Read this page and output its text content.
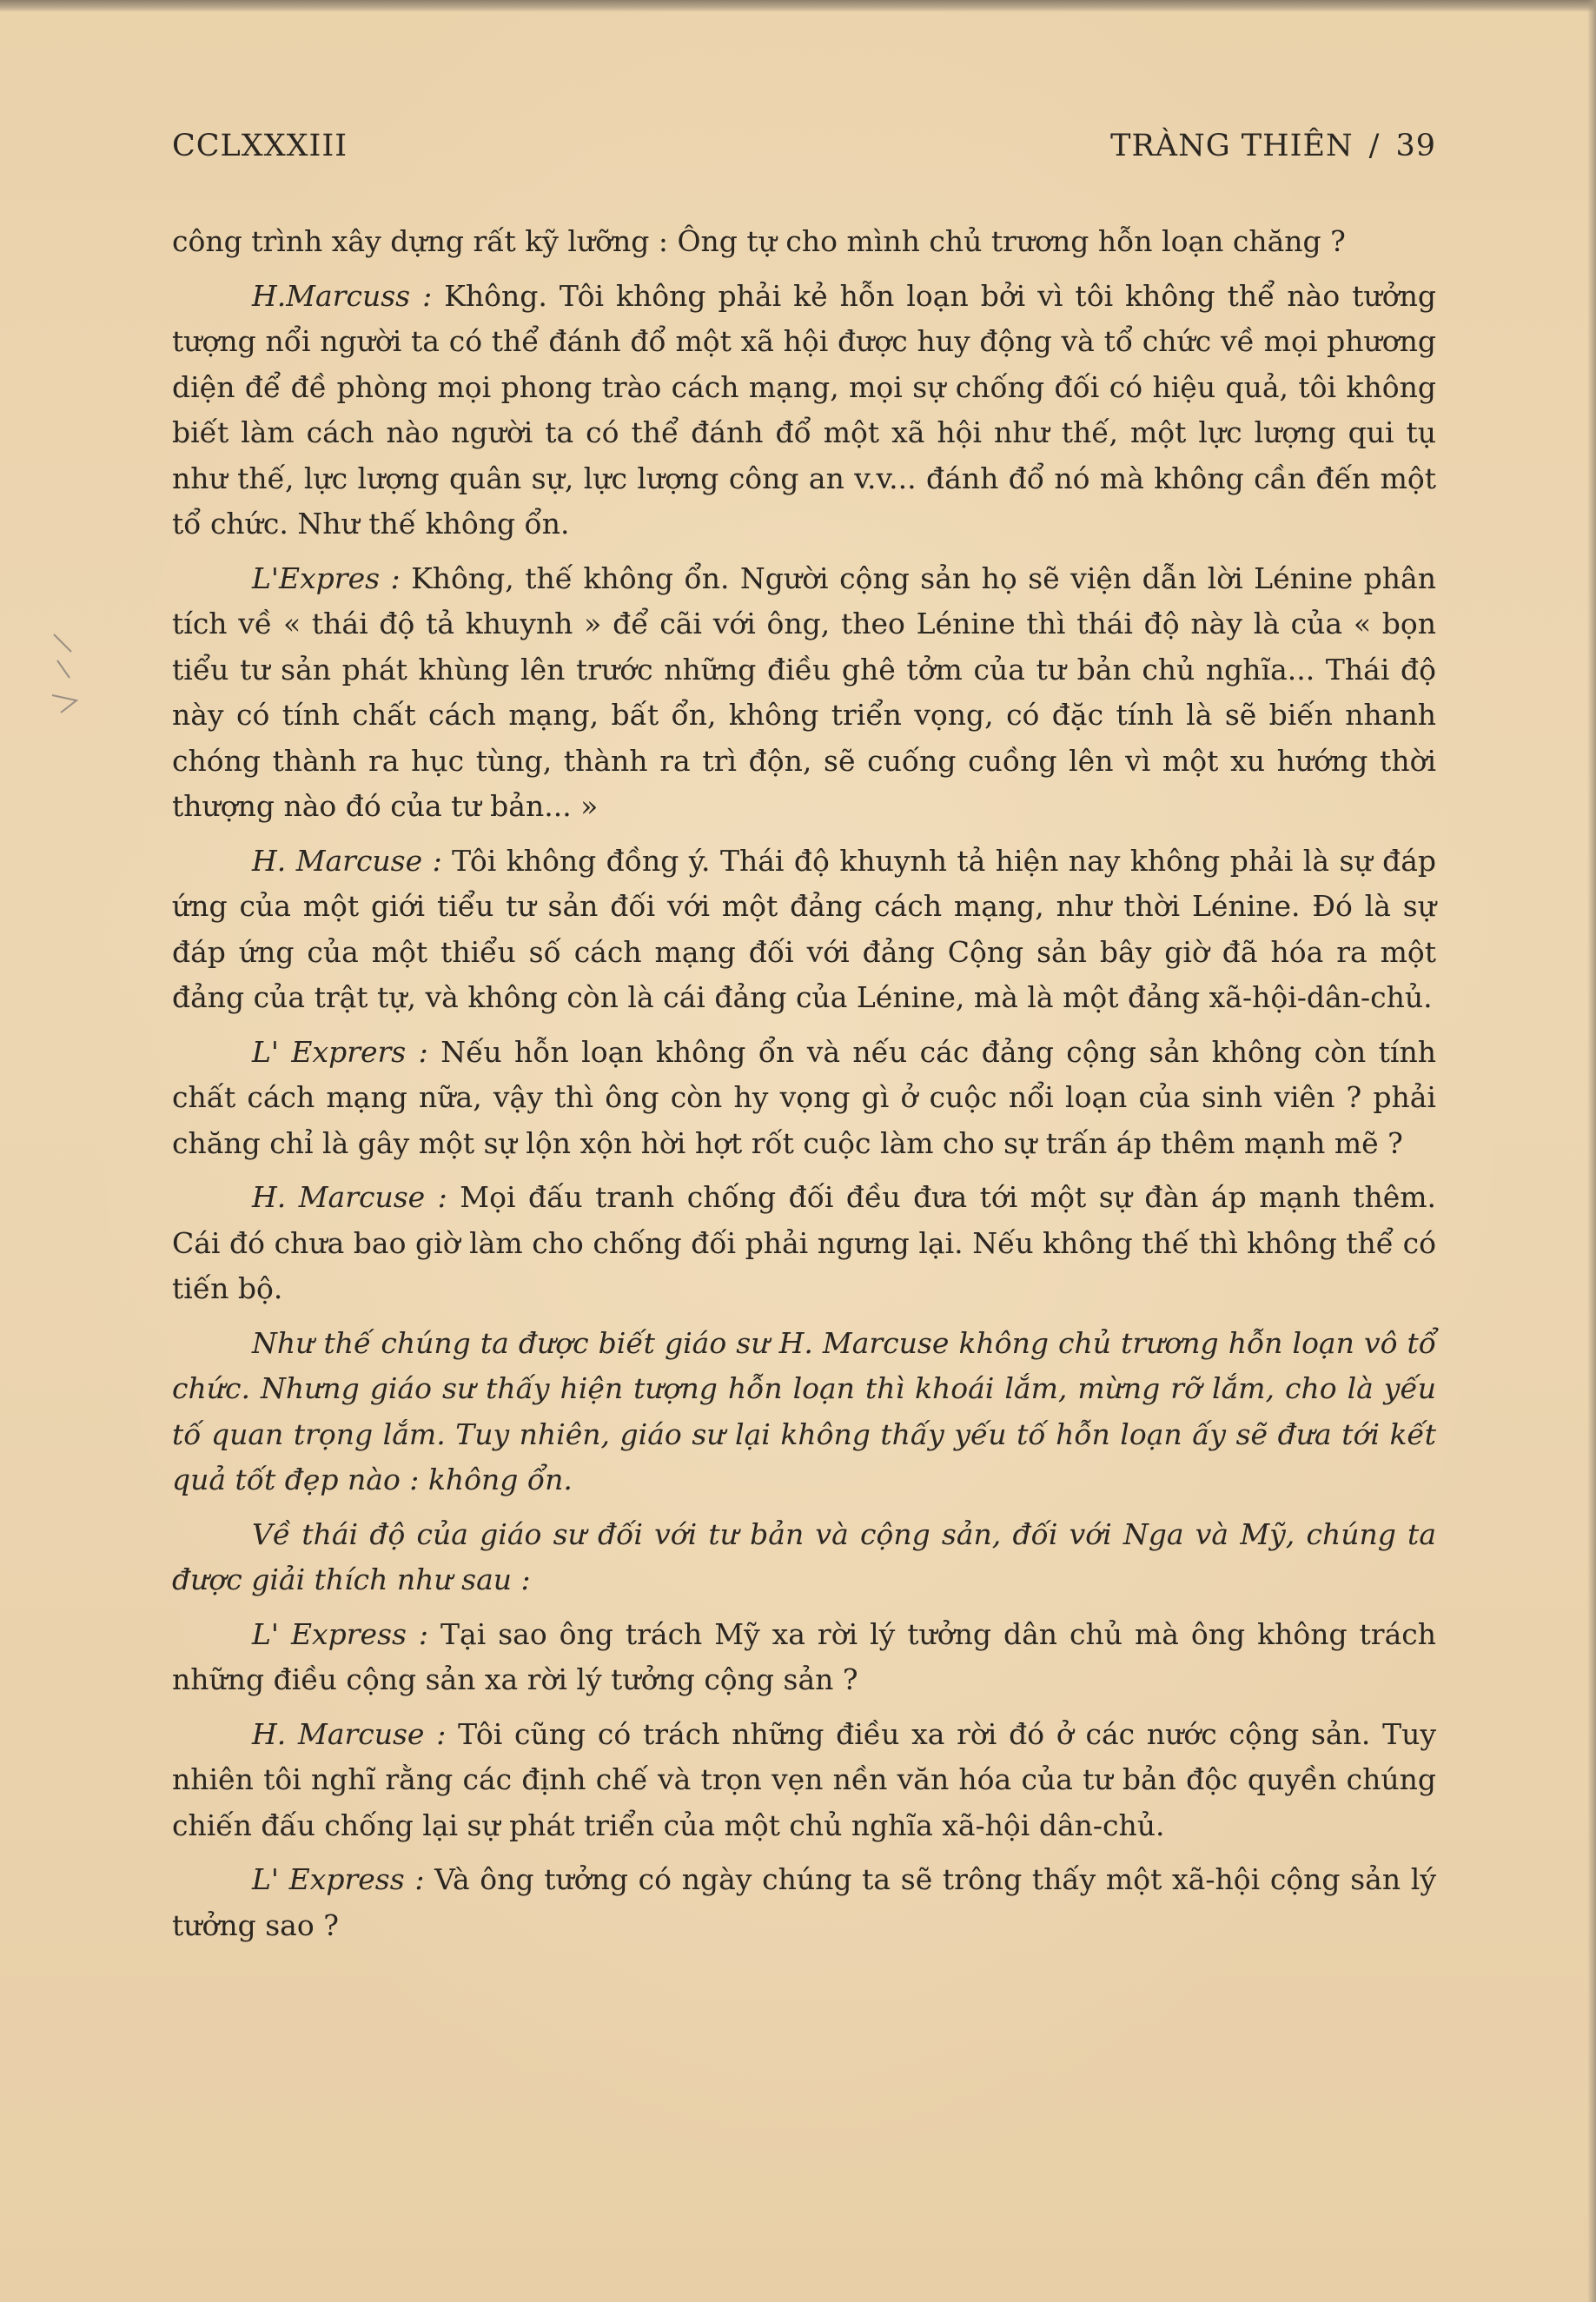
CCLXXXIII	TRÀNG THIÊN / 39

công trình xây dựng rất kỹ lưỡng : Ông tự cho mình chủ trương hỗn loạn chăng ?

H.Marcuss : Không. Tôi không phải kẻ hỗn loạn bởi vì tôi không thể nào tưởng tượng nổi người ta có thể đánh đổ một xã hội được huy động và tổ chức về mọi phương diện để đề phòng mọi phong trào cách mạng, mọi sự chống đối có hiệu quả, tôi không biết làm cách nào người ta có thể đánh đổ một xã hội như thế, một lực lượng qui tụ như thế, lực lượng quân sự, lực lượng công an v.v... đánh đổ nó mà không cần đến một tổ chức. Như thế không ổn.

L'Expres : Không, thế không ổn. Người cộng sản họ sẽ viện dẫn lời Lénine phân tích về « thái độ tả khuynh » để cãi với ông, theo Lénine thì thái độ này là của « bọn tiểu tư sản phát khùng lên trước những điều ghê tởm của tư bản chủ nghĩa... Thái độ này có tính chất cách mạng, bất ổn, không triển vọng, có đặc tính là sẽ biến nhanh chóng thành ra hục tùng, thành ra trì độn, sẽ cuống cuồng lên vì một xu hướng thời thượng nào đó của tư bản... »

H. Marcuse : Tôi không đồng ý. Thái độ khuynh tả hiện nay không phải là sự đáp ứng của một giới tiểu tư sản đối với một đảng cách mạng, như thời Lénine. Đó là sự đáp ứng của một thiểu số cách mạng đối với đảng Cộng sản bây giờ đã hóa ra một đảng của trật tự, và không còn là cái đảng của Lénine, mà là một đảng xã-hội-dân-chủ.

L' Exprers : Nếu hỗn loạn không ổn và nếu các đảng cộng sản không còn tính chất cách mạng nữa, vậy thì ông còn hy vọng gì ở cuộc nổi loạn của sinh viên ? phải chăng chỉ là gây một sự lộn xộn hời hợt rốt cuộc làm cho sự trấn áp thêm mạnh mẽ ?

H. Marcuse : Mọi đấu tranh chống đối đều đưa tới một sự đàn áp mạnh thêm. Cái đó chưa bao giờ làm cho chống đối phải ngưng lại. Nếu không thế thì không thể có tiến bộ.

Như thế chúng ta được biết giáo sư H. Marcuse không chủ trương hỗn loạn vô tổ chức. Nhưng giáo sư thấy hiện tượng hỗn loạn thì khoái lắm, mừng rỡ lắm, cho là yếu tố quan trọng lắm. Tuy nhiên, giáo sư lại không thấy yếu tố hỗn loạn ấy sẽ đưa tới kết quả tốt đẹp nào : không ổn.

Về thái độ của giáo sư đối với tư bản và cộng sản, đối với Nga và Mỹ, chúng ta được giải thích như sau :

L' Express : Tại sao ông trách Mỹ xa rời lý tưởng dân chủ mà ông không trách những điều cộng sản xa rời lý tưởng cộng sản ?

H. Marcuse : Tôi cũng có trách những điều xa rời đó ở các nước cộng sản. Tuy nhiên tôi nghĩ rằng các định chế và trọn vẹn nền văn hóa của tư bản độc quyền chúng chiến đấu chống lại sự phát triển của một chủ nghĩa xã-hội dân-chủ.

L' Express : Và ông tưởng có ngày chúng ta sẽ trông thấy một xã-hội cộng sản lý tưởng sao ?
